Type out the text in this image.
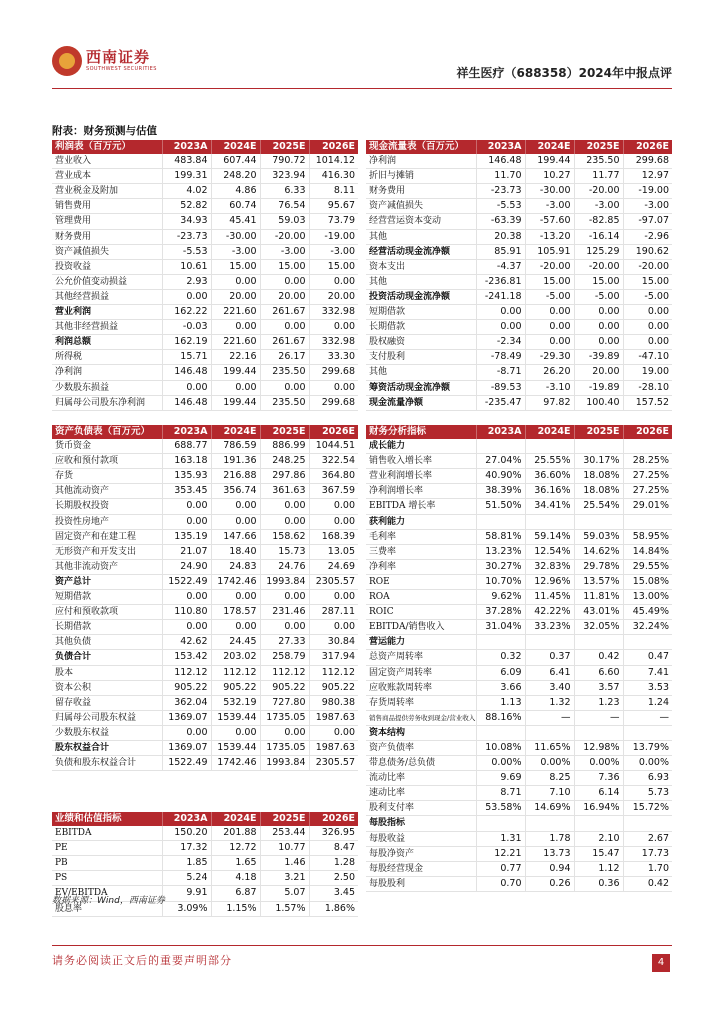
西南证券
SOUTHWEST SECURITIES	祥生医疗（688358）2024年中报点评
附表：财务预测与估值
利润表（百万元）	2023A	2024E	2025E	2026E
营业收入	483.84	607.44	790.72	1014.12
营业成本	199.31	248.20	323.94	416.30
营业税金及附加	4.02	4.86	6.33	8.11
销售费用	52.82	60.74	76.54	95.67
管理费用	34.93	45.41	59.03	73.79
财务费用	-23.73	-30.00	-20.00	-19.00
资产减值损失	-5.53	-3.00	-3.00	-3.00
投资收益	10.61	15.00	15.00	15.00
公允价值变动损益	2.93	0.00	0.00	0.00
其他经营损益	0.00	20.00	20.00	20.00
营业利润	162.22	221.60	261.67	332.98
其他非经营损益	-0.03	0.00	0.00	0.00
利润总额	162.19	221.60	261.67	332.98
所得税	15.71	22.16	26.17	33.30
净利润	146.48	199.44	235.50	299.68
少数股东损益	0.00	0.00	0.00	0.00
归属母公司股东净利润	146.48	199.44	235.50	299.68
现金流量表（百万元）	2023A	2024E	2025E	2026E
净利润	146.48	199.44	235.50	299.68
折旧与摊销	11.70	10.27	11.77	12.97
财务费用	-23.73	-30.00	-20.00	-19.00
资产减值损失	-5.53	-3.00	-3.00	-3.00
经营营运资本变动	-63.39	-57.60	-82.85	-97.07
其他	20.38	-13.20	-16.14	-2.96
经营活动现金流净额	85.91	105.91	125.29	190.62
资本支出	-4.37	-20.00	-20.00	-20.00
其他	-236.81	15.00	15.00	15.00
投资活动现金流净额	-241.18	-5.00	-5.00	-5.00
短期借款	0.00	0.00	0.00	0.00
长期借款	0.00	0.00	0.00	0.00
股权融资	-2.34	0.00	0.00	0.00
支付股利	-78.49	-29.30	-39.89	-47.10
其他	-8.71	26.20	20.00	19.00
筹资活动现金流净额	-89.53	-3.10	-19.89	-28.10
现金流量净额	-235.47	97.82	100.40	157.52
资产负债表（百万元）	2023A	2024E	2025E	2026E
货币资金	688.77	786.59	886.99	1044.51
应收和预付款项	163.18	191.36	248.25	322.54
存货	135.93	216.88	297.86	364.80
其他流动资产	353.45	356.74	361.63	367.59
长期股权投资	0.00	0.00	0.00	0.00
投资性房地产	0.00	0.00	0.00	0.00
固定资产和在建工程	135.19	147.66	158.62	168.39
无形资产和开发支出	21.07	18.40	15.73	13.05
其他非流动资产	24.90	24.83	24.76	24.69
资产总计	1522.49	1742.46	1993.84	2305.57
短期借款	0.00	0.00	0.00	0.00
应付和预收款项	110.80	178.57	231.46	287.11
长期借款	0.00	0.00	0.00	0.00
其他负债	42.62	24.45	27.33	30.84
负债合计	153.42	203.02	258.79	317.94
股本	112.12	112.12	112.12	112.12
资本公积	905.22	905.22	905.22	905.22
留存收益	362.04	532.19	727.80	980.38
归属母公司股东权益	1369.07	1539.44	1735.05	1987.63
少数股东权益	0.00	0.00	0.00	0.00
股东权益合计	1369.07	1539.44	1735.05	1987.63
负债和股东权益合计	1522.49	1742.46	1993.84	2305.57
财务分析指标	2023A	2024E	2025E	2026E
成长能力				
销售收入增长率	27.04%	25.55%	30.17%	28.25%
营业利润增长率	40.90%	36.60%	18.08%	27.25%
净利润增长率	38.39%	36.16%	18.08%	27.25%
EBITDA 增长率	51.50%	34.41%	25.54%	29.01%
获利能力				
毛利率	58.81%	59.14%	59.03%	58.95%
三费率	13.23%	12.54%	14.62%	14.84%
净利率	30.27%	32.83%	29.78%	29.55%
ROE	10.70%	12.96%	13.57%	15.08%
ROA	9.62%	11.45%	11.81%	13.00%
ROIC	37.28%	42.22%	43.01%	45.49%
EBITDA/销售收入	31.04%	33.23%	32.05%	32.24%
营运能力				
总资产周转率	0.32	0.37	0.42	0.47
固定资产周转率	6.09	6.41	6.60	7.41
应收账款周转率	3.66	3.40	3.57	3.53
存货周转率	1.13	1.32	1.23	1.24
销售商品提供劳务收到现金/营业收入	88.16%	—	—	—
资本结构				
资产负债率	10.08%	11.65%	12.98%	13.79%
带息债务/总负债	0.00%	0.00%	0.00%	0.00%
流动比率	9.69	8.25	7.36	6.93
速动比率	8.71	7.10	6.14	5.73
股利支付率	53.58%	14.69%	16.94%	15.72%
每股指标				
每股收益	1.31	1.78	2.10	2.67
每股净资产	12.21	13.73	15.47	17.73
每股经营现金	0.77	0.94	1.12	1.70
每股股利	0.70	0.26	0.36	0.42
业绩和估值指标	2023A	2024E	2025E	2026E
EBITDA	150.20	201.88	253.44	326.95
PE	17.32	12.72	10.77	8.47
PB	1.85	1.65	1.46	1.28
PS	5.24	4.18	3.21	2.50
EV/EBITDA	9.91	6.87	5.07	3.45
股息率	3.09%	1.15%	1.57%	1.86%
数据来源：Wind，西南证券
请务必阅读正文后的重要声明部分	4
